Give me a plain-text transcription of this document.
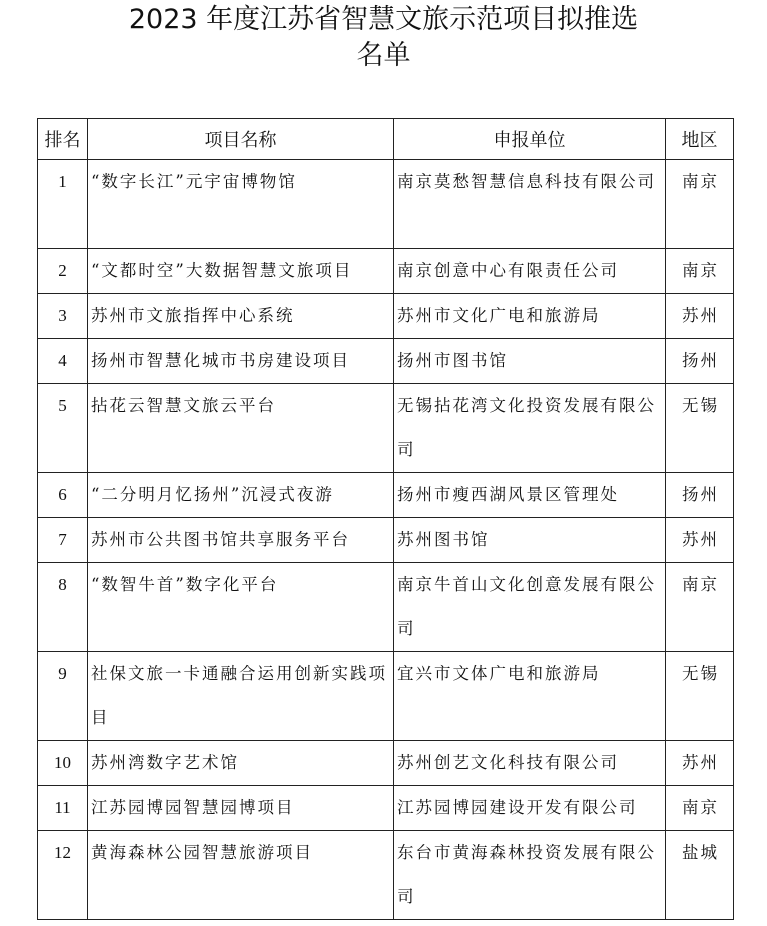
2023 年度江苏省智慧文旅示范项目拟推选
名单
排名	项目名称	申报单位	地区
1	“数字长江”元宇宙博物馆	南京莫愁智慧信息科技有限公司	南京
2	“文都时空”大数据智慧文旅项目	南京创意中心有限责任公司	南京
3	苏州市文旅指挥中心系统	苏州市文化广电和旅游局	苏州
4	扬州市智慧化城市书房建设项目	扬州市图书馆	扬州
5	拈花云智慧文旅云平台	无锡拈花湾文化投资发展有限公司	无锡
6	“二分明月忆扬州”沉浸式夜游	扬州市瘦西湖风景区管理处	扬州
7	苏州市公共图书馆共享服务平台	苏州图书馆	苏州
8	“数智牛首”数字化平台	南京牛首山文化创意发展有限公司	南京
9	社保文旅一卡通融合运用创新实践项目	宜兴市文体广电和旅游局	无锡
10	苏州湾数字艺术馆	苏州创艺文化科技有限公司	苏州
11	江苏园博园智慧园博项目	江苏园博园建设开发有限公司	南京
12	黄海森林公园智慧旅游项目	东台市黄海森林投资发展有限公司	盐城
